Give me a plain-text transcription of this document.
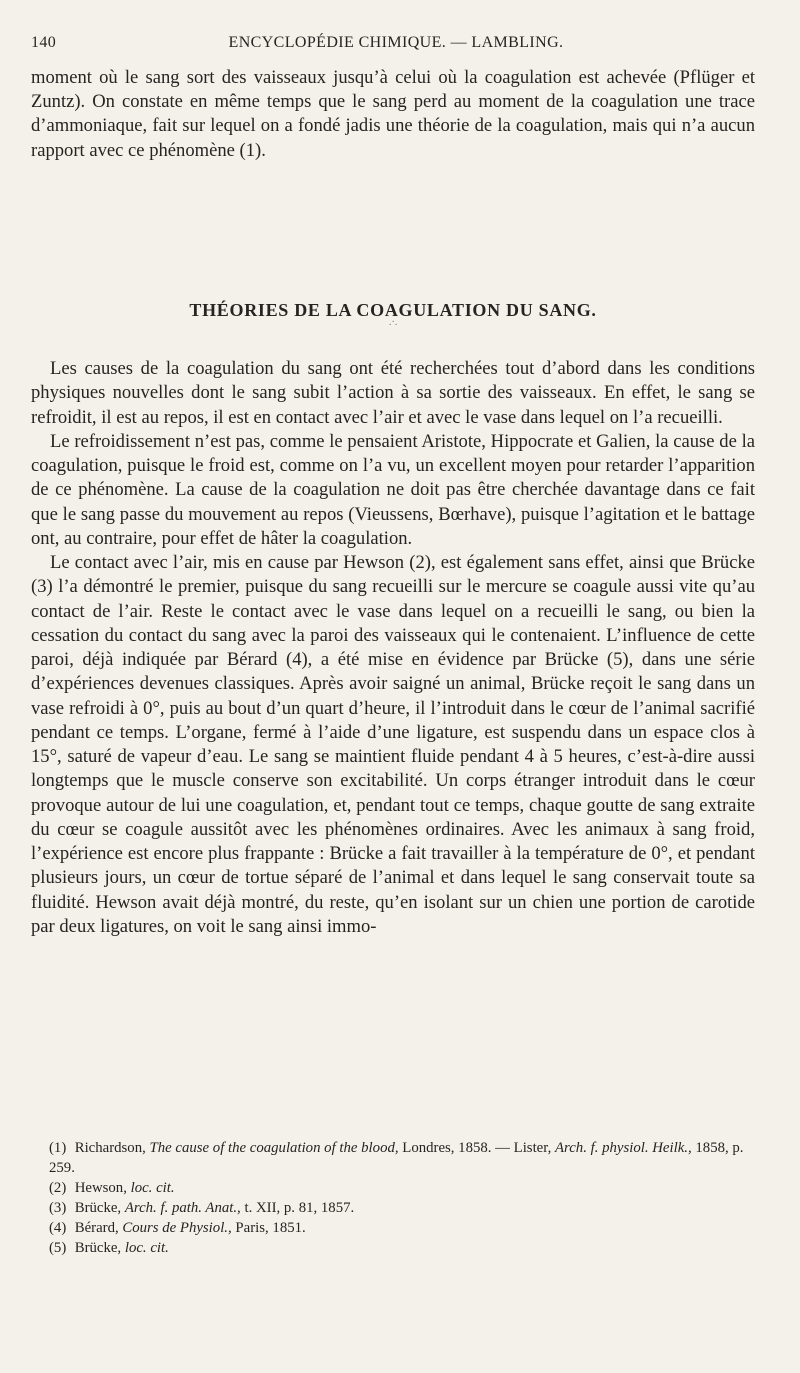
140	ENCYCLOPÉDIE CHIMIQUE. — LAMBLING.

moment où le sang sort des vaisseaux jusqu’à celui où la coagulation est achevée (Pflüger et Zuntz). On constate en même temps que le sang perd au moment de la coagulation une trace d’ammoniaque, fait sur lequel on a fondé jadis une théorie de la coagulation, mais qui n’a aucun rapport avec ce phénomène (1).

THÉORIES DE LA COAGULATION DU SANG.
.·.

Les causes de la coagulation du sang ont été recherchées tout d’abord dans les conditions physiques nouvelles dont le sang subit l’action à sa sortie des vaisseaux. En effet, le sang se refroidit, il est au repos, il est en contact avec l’air et avec le vase dans lequel on l’a recueilli.

Le refroidissement n’est pas, comme le pensaient Aristote, Hippocrate et Galien, la cause de la coagulation, puisque le froid est, comme on l’a vu, un excellent moyen pour retarder l’apparition de ce phénomène. La cause de la coagulation ne doit pas être cherchée davantage dans ce fait que le sang passe du mouvement au repos (Vieussens, Bœrhave), puisque l’agitation et le battage ont, au contraire, pour effet de hâter la coagulation.

Le contact avec l’air, mis en cause par Hewson (2), est également sans effet, ainsi que Brücke (3) l’a démontré le premier, puisque du sang recueilli sur le mercure se coagule aussi vite qu’au contact de l’air. Reste le contact avec le vase dans lequel on a recueilli le sang, ou bien la cessation du contact du sang avec la paroi des vaisseaux qui le contenaient. L’influence de cette paroi, déjà indiquée par Bérard (4), a été mise en évidence par Brücke (5), dans une série d’expériences devenues classiques. Après avoir saigné un animal, Brücke reçoit le sang dans un vase refroidi à 0°, puis au bout d’un quart d’heure, il l’introduit dans le cœur de l’animal sacrifié pendant ce temps. L’organe, fermé à l’aide d’une ligature, est suspendu dans un espace clos à 15°, saturé de vapeur d’eau. Le sang se maintient fluide pendant 4 à 5 heures, c’est-à-dire aussi longtemps que le muscle conserve son excitabilité. Un corps étranger introduit dans le cœur provoque autour de lui une coagulation, et, pendant tout ce temps, chaque goutte de sang extraite du cœur se coagule aussitôt avec les phénomènes ordinaires. Avec les animaux à sang froid, l’expérience est encore plus frappante : Brücke a fait travailler à la température de 0°, et pendant plusieurs jours, un cœur de tortue séparé de l’animal et dans lequel le sang conservait toute sa fluidité. Hewson avait déjà montré, du reste, qu’en isolant sur un chien une portion de carotide par deux ligatures, on voit le sang ainsi immo-

(1) Richardson, The cause of the coagulation of the blood, Londres, 1858. — Lister, Arch. f. physiol. Heilk., 1858, p. 259.

(2) Hewson, loc. cit.

(3) Brücke, Arch. f. path. Anat., t. XII, p. 81, 1857.

(4) Bérard, Cours de Physiol., Paris, 1851.

(5) Brücke, loc. cit.
